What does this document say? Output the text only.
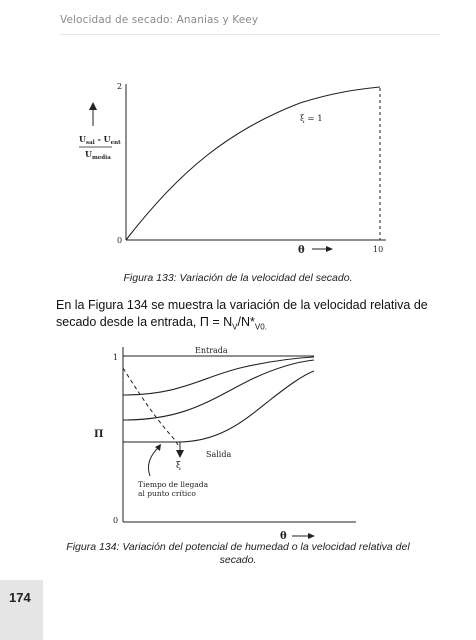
Velocidad de secado: Ananias y Keey
$U_{sal} - U_{ent}$
$U_{media}$
2
0
10
θ
ξ = 1
1
0
Π
Entrada
Salida
ξ
Tiempo de llegada
al punto crítico
θ
Figura 133: Variación de la velocidad del secado.
En la Figura 134 se muestra la variación de la velocidad relativa de
secado desde la entrada, $\Pi = N_V/N*_{V0.}$
Figura 134: Variación del potencial de humedad o la velocidad relativa del
secado.
174
